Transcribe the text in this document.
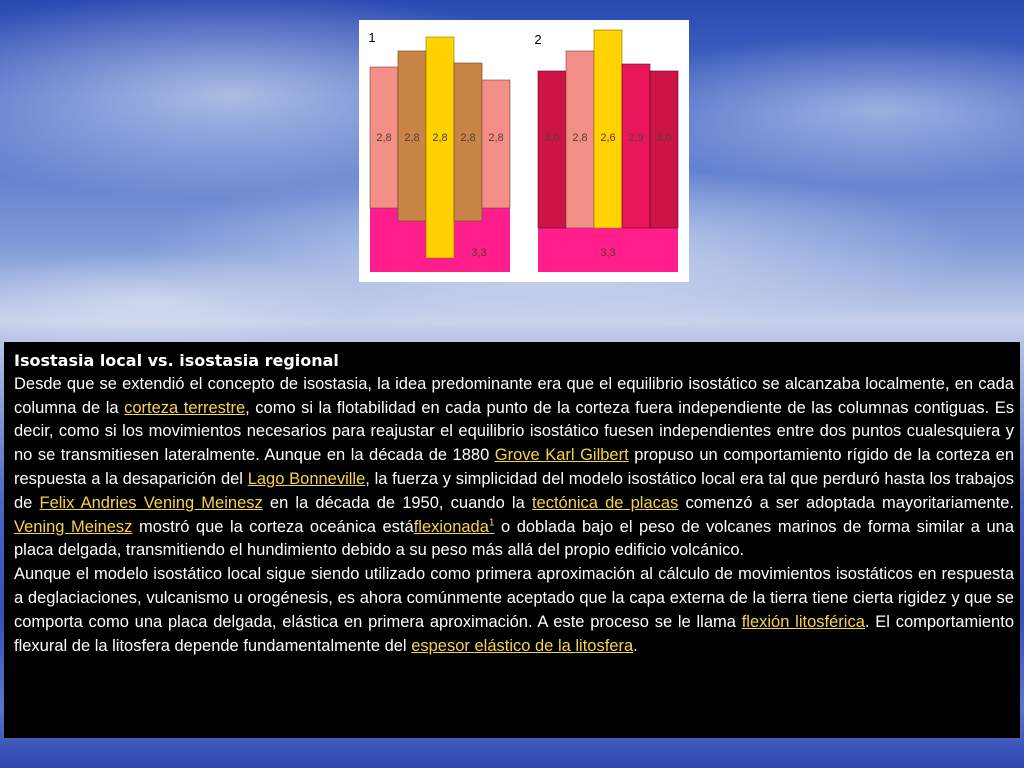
1	2
2,8 2,8 2,8 2,8 2,8
3,3
3,0 2,8 2,6 2,9 3,0
3,3
Isostasia local vs. isostasia regional

Desde que se extendió el concepto de isostasia, la idea predominante era que el equilibrio isostático se alcanzaba localmente, en cada columna de la corteza terrestre, como si la flotabilidad en cada punto de la corteza fuera independiente de las columnas contiguas. Es decir, como si los movimientos necesarios para reajustar el equilibrio isostático fuesen independientes entre dos puntos cualesquiera y no se transmitiesen lateralmente. Aunque en la década de 1880 Grove Karl Gilbert propuso un comportamiento rígido de la corteza en respuesta a la desaparición del Lago Bonneville, la fuerza y simplicidad del modelo isostático local era tal que perduró hasta los trabajos de Felix Andries Vening Meinesz en la década de 1950, cuando la tectónica de placas comenzó a ser adoptada mayoritariamente. Vening Meinesz mostró que la corteza oceánica estáflexionada$^1$ o doblada bajo el peso de volcanes marinos de forma similar a una placa delgada, transmitiendo el hundimiento debido a su peso más allá del propio edificio volcánico.

Aunque el modelo isostático local sigue siendo utilizado como primera aproximación al cálculo de movimientos isostáticos en respuesta a deglaciaciones, vulcanismo u orogénesis, es ahora comúnmente aceptado que la capa externa de la tierra tiene cierta rigidez y que se comporta como una placa delgada, elástica en primera aproximación. A este proceso se le llama flexión litosférica. El comportamiento flexural de la litosfera depende fundamentalmente del espesor elástico de la litosfera.
